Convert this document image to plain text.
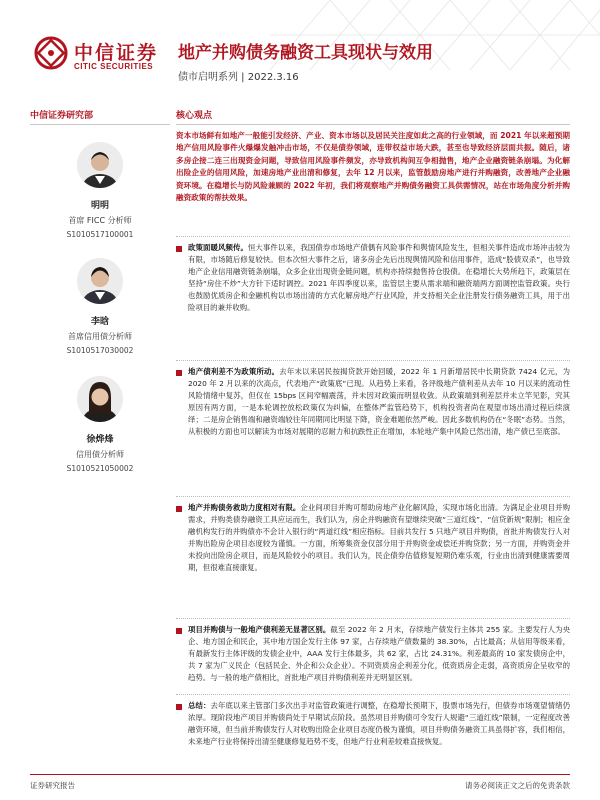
中信证券
CITIC SECURITIES
地产并购债务融资工具现状与效用
债市启明系列 | 2022.3.16
中信证券研究部
明明
首席 FICC 分析师
S1010517100001
李晗
首席信用债分析师
S1010517030002
徐烨烽
信用债分析师
S1010521050002
核心观点
资本市场鲜有如地产一般能引发经济、产业、资本市场以及居民关注度如此之高的行业领域，而 2021 年以来超预期地产信用风险事件火爆爆发触冲击市场，不仅是债券领域，连带权益市场大跌，甚至也导致经济层面共振。随后，诸多房企接二连三出现资金问题，导致信用风险事件频发，亦导致机构间互争相抛售，地产企业融资链条崩塌。为化解出险企业的信用风险，加速房地产业出清和修复，去年 12 月以来，监管鼓励房地产进行并购融资，改善地产企业融资环境。在稳增长与防风险兼顾的 2022 年初，我们将观察地产并购债务融资工具供需情况，站在市场角度分析并购融资政策的帮扶效果。
政策面暖风频传。恒大事件以来，我国债券市场地产债偶有风险事件和舆情风险发生，但相关事件造成市场冲击较为有限，市场随后修复较快。但本次恒大事件之后，诸多房企先后出现舆情风险和信用事件，造成“股债双杀”，也导致地产企业信用融资链条崩塌，众多企业出现资金链问题，机构亦持续抛售持仓股债。在稳增长大势所趋下，政策层在坚持“房住不炒”大方针下适时调控。2021 年四季度以来，监管层主要从需求端和融资端两方面调控监管政策。央行也鼓励优质房企和金融机构以市场出清的方式化解房地产行业风险，并支持相关企业注册发行债务融资工具，用于出险项目的兼并收购。
地产债利差不为政策所动。去年末以来居民按揭贷款开始回暖，2022 年 1 月新增居民中长期贷款 7424 亿元，为 2020 年 2 月以来的次高点，代表地产“政策底”已现。从趋势上来看，各评级地产债利差从去年 10 月以来的流动性风险情绪中复苏，但仅在 15bps 区间窄幅震荡，并未因对政策而明显收敛。从政策端到利差层并未立竿见影，究其原因有两方面，一是本轮调控放松政策仅为纠偏，在整体严监管趋势下，机构投资者尚在观望市场出清过程后续演绎；二是房企销售端和融资端较往年同期同比明显下降，资金难题依然严峻。因此多数机构仍在“冬眠”态势。当然，从积极的方面也可以解读为市场对展期的忍耐力和抗跌性正在增加，本轮地产集中风险已然出清，地产债已至底部。
地产并购债务救助力度相对有限。企业间项目并购可帮助房地产业化解风险，实现市场化出清。为满足企业项目并购需求，并购类债券融资工具应运而生，我们认为，房企并购融资有望继续突破“三道红线”、“信贷新规”限制；相应金融机构发行的并购债亦不会计入银行的“两道红线”相应指标。目前共发行 5 只地产项目并购债，首批并购债发行人对并购出险房企项目态度较为谨慎。一方面，所筹集资金仅部分用于并购资金或偿还并购贷款；另一方面，并购资金并未投向出险房企项目，而是风险较小的项目。我们认为，民企债券估值修复短期仍难乐观，行业由出清到健康需要周期，但很难直接康复。
项目并购债与一般地产债利差无显著区别。截至 2022 年 2 月末，存续地产债发行主体共 255 家。主要发行人为央企、地方国企和民企，其中地方国企发行主体 97 家，占存续地产债数量的 38.30%，占比最高；从信用等级来看，有最新发行主体评级的发债企业中，AAA 发行主体最多，共 62 家，占比 24.31%。利差最高的 10 家发债房企中，共 7 家为广义民企（包括民企、外企和公众企业）。不同资质房企利差分化，低资质房企走弱，高资质房企呈收窄的趋势。与一般的地产债相比，首批地产项目并购债利差并无明显区别。
总结：去年底以来主管部门多次出手对监管政策进行调整，在稳增长预期下，股票市场先行，但债券市场观望情绪仍浓厚。现阶段地产项目并购债尚处于早期试点阶段。虽然项目并购债可令发行人规避“三道红线”限制，一定程度改善融资环境，但当前并购债发行人对收购出险企业项目态度仍极为谨慎，项目并购债务融资工具虽得扩容，我们相信，未来地产行业将保持出清至健康修复趋势不变，但地产行业利差较难直接恢复。
证券研究报告	请务必阅读正文之后的免责条款
